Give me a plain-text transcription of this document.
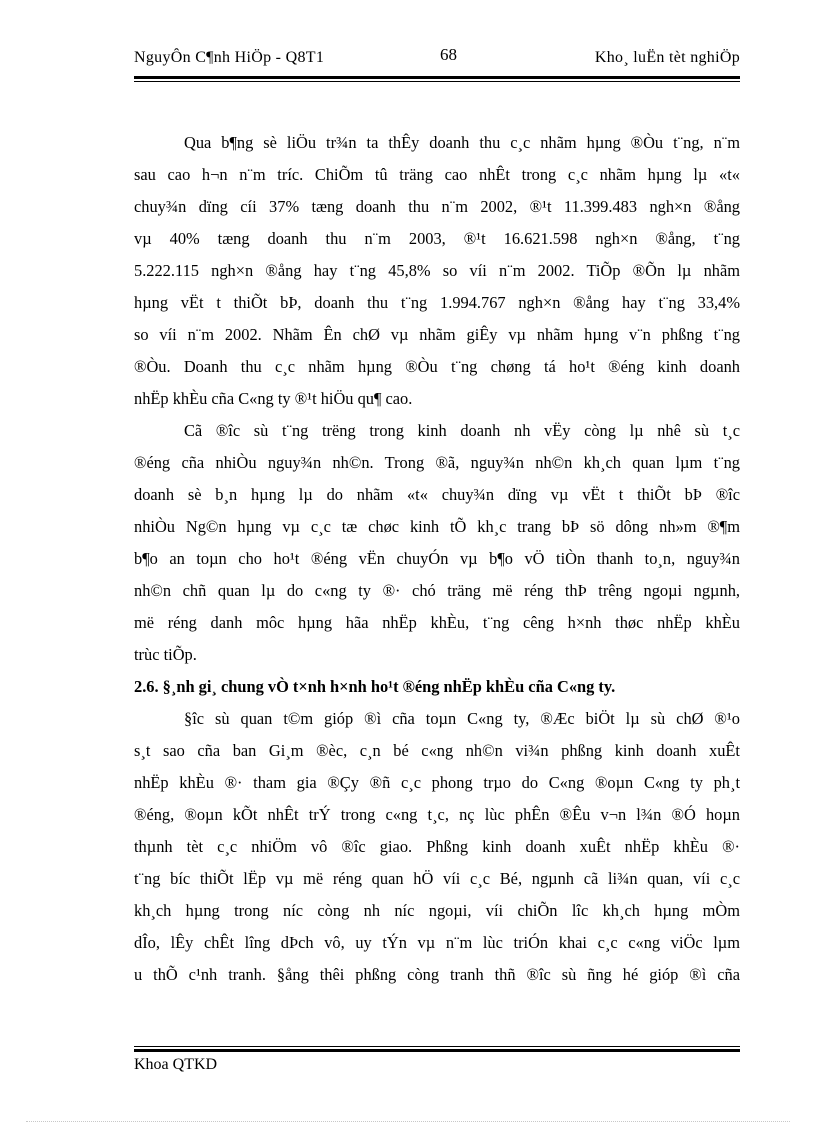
NguyÔn C¶nh HiÖp - Q8T1	68	Kho¸ luËn tèt nghiÖp
Qua b¶ng sè liÖu tr¾n ta thÊy doanh thu c¸c nhãm hµng ®Òu t¨ng, n¨m
sau cao h¬n n¨m tríc. ChiÕm tû träng cao nhÊt trong c¸c nhãm hµng lµ «t«
chuy¾n dïng cíi 37% tæng doanh thu n¨m 2002, ®¹t 11.399.483 ngh×n ®ång
vµ 40% tæng doanh thu n¨m 2003, ®¹t 16.621.598 ngh×n ®ång, t¨ng
5.222.115 ngh×n ®ång hay t¨ng 45,8% so víi n¨m 2002. TiÕp ®Õn lµ nhãm
hµng vËt t thiÕt bÞ, doanh thu t¨ng 1.994.767 ngh×n ®ång hay t¨ng 33,4%
so víi n¨m 2002. Nhãm Ên chØ vµ nhãm giÊy vµ nhãm hµng v¨n phßng t¨ng
®Òu. Doanh thu c¸c nhãm hµng ®Òu t¨ng chøng tá ho¹t ®éng kinh doanh
nhËp khÈu cña C«ng ty ®¹t hiÖu qu¶ cao.
Cã ®îc sù t¨ng trëng trong kinh doanh nh vËy còng lµ nhê sù t¸c
®éng cña nhiÒu nguy¾n nh©n. Trong ®ã, nguy¾n nh©n kh¸ch quan lµm t¨ng
doanh sè b¸n hµng lµ do nhãm «t« chuy¾n dïng vµ vËt t thiÕt bÞ ®îc
nhiÒu Ng©n hµng vµ c¸c tæ chøc kinh tÕ kh¸c trang bÞ sö dông nh»m ®¶m
b¶o an toµn cho ho¹t ®éng vËn chuyÓn vµ b¶o vÖ tiÒn thanh to¸n, nguy¾n
nh©n chñ quan lµ do c«ng ty ®· chó träng më réng thÞ trêng ngoµi ngµnh,
më réng danh môc hµng hãa nhËp khÈu, t¨ng cêng h×nh thøc nhËp khÈu
trùc tiÕp.
2.6. §¸nh gi¸ chung vÒ t×nh h×nh ho¹t ®éng nhËp khÈu cña C«ng ty.
§îc sù quan t©m gióp ®ì cña toµn C«ng ty, ®Æc biÖt lµ sù chØ ®¹o
s¸t sao cña ban Gi¸m ®èc, c¸n bé c«ng nh©n vi¾n phßng kinh doanh xuÊt
nhËp khÈu ®· tham gia ®Çy ®ñ c¸c phong trµo do C«ng ®oµn C«ng ty ph¸t
®éng, ®oµn kÕt nhÊt trÝ trong c«ng t¸c, nç lùc phÊn ®Êu v¬n l¾n ®Ó hoµn
thµnh tèt c¸c nhiÖm vô ®îc giao. Phßng kinh doanh xuÊt nhËp khÈu ®·
t¨ng bíc thiÕt lËp vµ më réng quan hÖ víi c¸c Bé, ngµnh cã li¾n quan, víi c¸c
kh¸ch hµng trong níc còng nh níc ngoµi, víi chiÕn lîc kh¸ch hµng mÒm
dÎo, lÊy chÊt lîng dÞch vô, uy tÝn vµ n¨m lùc triÓn khai c¸c c«ng viÖc lµm
u thÕ c¹nh tranh. §ång thêi phßng còng tranh thñ ®îc sù ñng hé gióp ®ì cña
Khoa QTKD
